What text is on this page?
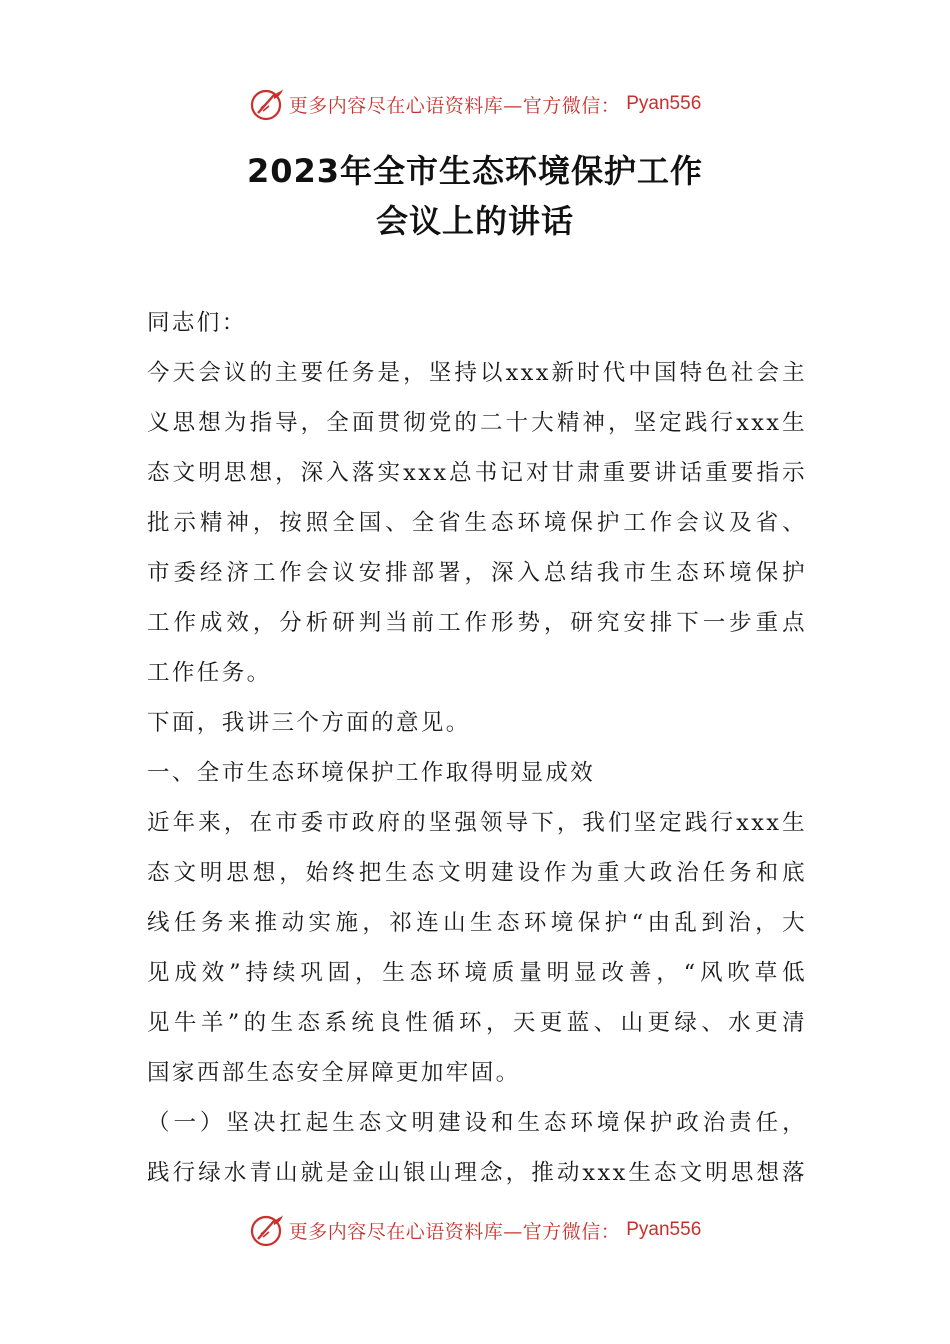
更多内容尽在心语资料库—官方微信： Pyan556
2023年全市生态环境保护工作
会议上的讲话
同志们：
今天会议的主要任务是，坚持以xxx新时代中国特色社会主
义思想为指导，全面贯彻党的二十大精神，坚定践行xxx生
态文明思想，深入落实xxx总书记对甘肃重要讲话重要指示
批示精神，按照全国、全省生态环境保护工作会议及省、
市委经济工作会议安排部署，深入总结我市生态环境保护
工作成效，分析研判当前工作形势，研究安排下一步重点
工作任务。
下面，我讲三个方面的意见。
一、全市生态环境保护工作取得明显成效
近年来，在市委市政府的坚强领导下，我们坚定践行xxx生
态文明思想，始终把生态文明建设作为重大政治任务和底
线任务来推动实施，祁连山生态环境保护“由乱到治，大
见成效”持续巩固，生态环境质量明显改善，“风吹草低
见牛羊”的生态系统良性循环，天更蓝、山更绿、水更清
国家西部生态安全屏障更加牢固。
（一）坚决扛起生态文明建设和生态环境保护政治责任，
践行绿水青山就是金山银山理念，推动xxx生态文明思想落
更多内容尽在心语资料库—官方微信： Pyan556
